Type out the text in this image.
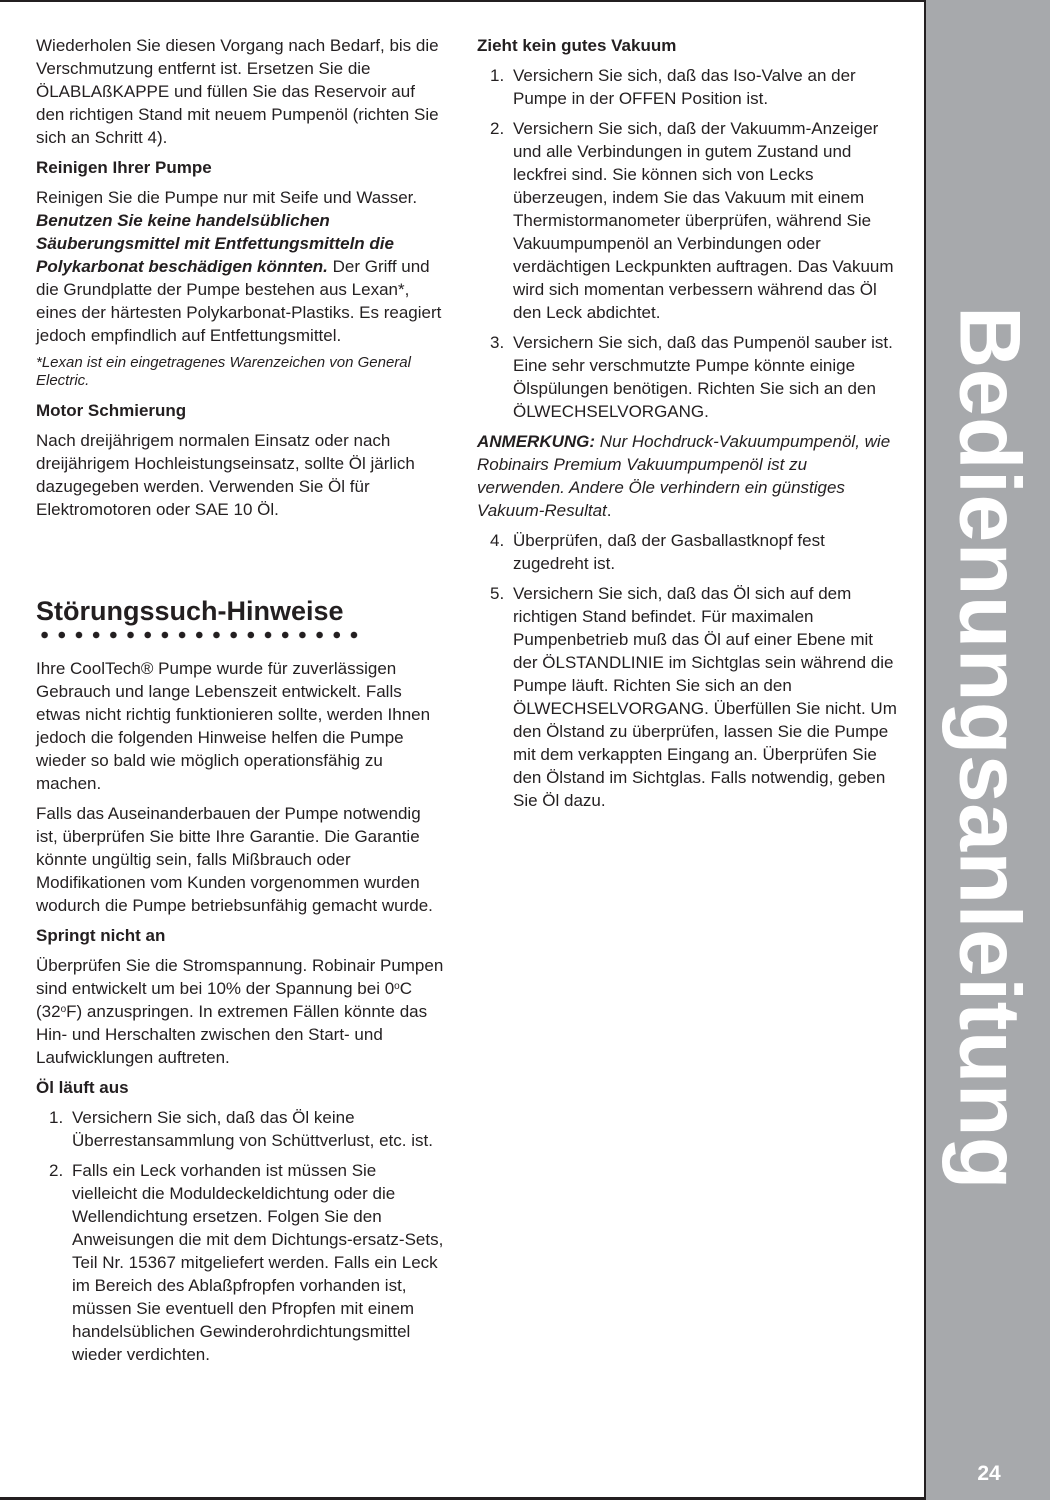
Wiederholen Sie diesen Vorgang nach Bedarf, bis die Verschmutzung entfernt ist. Ersetzen Sie die ÖLABLAßKAPPE und füllen Sie das Reservoir auf den richtigen Stand mit neuem Pumpenöl (richten Sie sich an Schritt 4).

Reinigen Ihrer Pumpe

Reinigen Sie die Pumpe nur mit Seife und Wasser. Benutzen Sie keine handelsüblichen Säuberungsmittel mit Entfettungsmitteln die Polykarbonat beschädigen könnten. Der Griff und die Grundplatte der Pumpe bestehen aus Lexan*, eines der härtesten Polykarbonat-Plastiks. Es reagiert jedoch empfindlich auf Entfettungsmittel.

*Lexan ist ein eingetragenes Warenzeichen von General Electric.

Motor Schmierung

Nach dreijährigem normalen Einsatz oder nach dreijährigem Hochleistungseinsatz, sollte Öl järlich dazugegeben werden. Verwenden Sie Öl für Elektromotoren oder SAE 10 Öl.

Störungssuch-Hinweise

Ihre CoolTech® Pumpe wurde für zuverlässigen Gebrauch und lange Lebenszeit entwickelt. Falls etwas nicht richtig funktionieren sollte, werden Ihnen jedoch die folgenden Hinweise helfen die Pumpe wieder so bald wie möglich operationsfähig zu machen.

Falls das Auseinanderbauen der Pumpe notwendig ist, überprüfen Sie bitte Ihre Garantie. Die Garantie könnte ungültig sein, falls Mißbrauch oder Modifikationen vom Kunden vorgenommen wurden wodurch die Pumpe betriebsunfähig gemacht wurde.

Springt nicht an

Überprüfen Sie die Stromspannung. Robinair Pumpen sind entwickelt um bei 10% der Spannung bei 0$^o$C (32$^o$F) anzuspringen. In extremen Fällen könnte das Hin- und Herschalten zwischen den Start- und Laufwicklungen auftreten.

Öl läuft aus
1. Versichern Sie sich, daß das Öl keine Überrestansammlung von Schüttverlust, etc. ist.
2. Falls ein Leck vorhanden ist müssen Sie vielleicht die Moduldeckeldichtung oder die Wellendichtung ersetzen. Folgen Sie den Anweisungen die mit dem Dichtungs-ersatz-Sets, Teil Nr. 15367 mitgeliefert werden. Falls ein Leck im Bereich des Ablaßpfropfen vorhanden ist, müssen Sie eventuell den Pfropfen mit einem handelsüblichen Gewinderohrdichtungsmittel wieder verdichten.
Zieht kein gutes Vakuum
1. Versichern Sie sich, daß das Iso-Valve an der Pumpe in der OFFEN Position ist.
2. Versichern Sie sich, daß der Vakuumm-Anzeiger und alle Verbindungen in gutem Zustand und leckfrei sind. Sie können sich von Lecks überzeugen, indem Sie das Vakuum mit einem Thermistormanometer überprüfen, während Sie Vakuumpumpenöl an Verbindungen oder verdächtigen Leckpunkten auftragen. Das Vakuum wird sich momentan verbessern während das Öl den Leck abdichtet.
3. Versichern Sie sich, daß das Pumpenöl sauber ist. Eine sehr verschmutzte Pumpe könnte einige Ölspülungen benötigen. Richten Sie sich an den ÖLWECHSELVORGANG.

ANMERKUNG: Nur Hochdruck-Vakuumpumpenöl, wie Robinairs Premium Vakuumpumpenöl ist zu verwenden. Andere Öle verhindern ein günstiges Vakuum-Resultat.

4. Überprüfen, daß der Gasballastknopf fest zugedreht ist.
5. Versichern Sie sich, daß das Öl sich auf dem richtigen Stand befindet. Für maximalen Pumpenbetrieb muß das Öl auf einer Ebene mit der ÖLSTANDLINIE im Sichtglas sein während die Pumpe läuft. Richten Sie sich an den ÖLWECHSELVORGANG. Überfüllen Sie nicht. Um den Ölstand zu überprüfen, lassen Sie die Pumpe mit dem verkappten Eingang an. Überprüfen Sie den Ölstand im Sichtglas. Falls notwendig, geben Sie Öl dazu.	Bedienungsanleitung
24
